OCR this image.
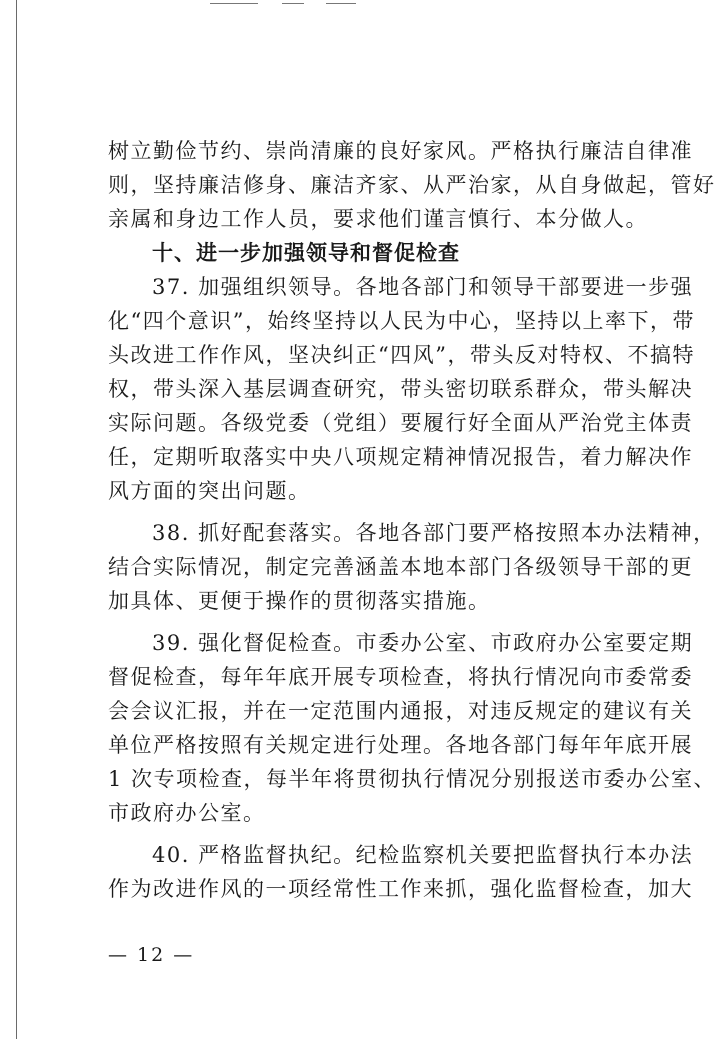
树立勤俭节约、崇尚清廉的良好家风。严格执行廉洁自律准
则，坚持廉洁修身、廉洁齐家、从严治家，从自身做起，管好
亲属和身边工作人员，要求他们谨言慎行、本分做人。
十、进一步加强领导和督促检查
37. 加强组织领导。各地各部门和领导干部要进一步强
化“四个意识”，始终坚持以人民为中心，坚持以上率下，带
头改进工作作风，坚决纠正“四风”，带头反对特权、不搞特
权，带头深入基层调查研究，带头密切联系群众，带头解决
实际问题。各级党委（党组）要履行好全面从严治党主体责
任，定期听取落实中央八项规定精神情况报告，着力解决作
风方面的突出问题。
38. 抓好配套落实。各地各部门要严格按照本办法精神，
结合实际情况，制定完善涵盖本地本部门各级领导干部的更
加具体、更便于操作的贯彻落实措施。
39. 强化督促检查。市委办公室、市政府办公室要定期
督促检查，每年年底开展专项检查，将执行情况向市委常委
会会议汇报，并在一定范围内通报，对违反规定的建议有关
单位严格按照有关规定进行处理。各地各部门每年年底开展
1 次专项检查，每半年将贯彻执行情况分别报送市委办公室、
市政府办公室。
40. 严格监督执纪。纪检监察机关要把监督执行本办法
作为改进作风的一项经常性工作来抓，强化监督检查，加大
— 12 —
